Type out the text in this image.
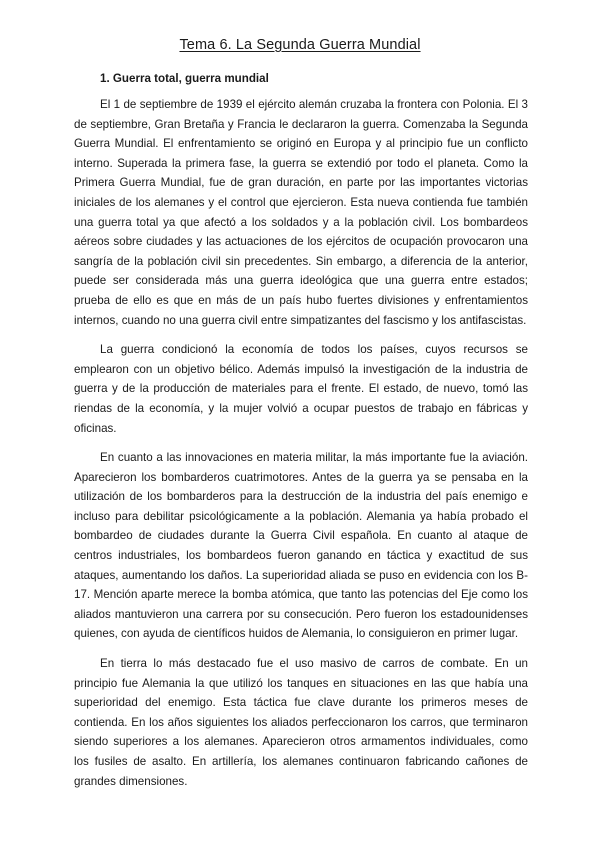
Tema 6. La Segunda Guerra Mundial
1. Guerra total, guerra mundial

El 1 de septiembre de 1939 el ejército alemán cruzaba la frontera con Polonia. El 3 de septiembre, Gran Bretaña y Francia le declararon la guerra. Comenzaba la Segunda Guerra Mundial. El enfrentamiento se originó en Europa y al principio fue un conflicto interno. Superada la primera fase, la guerra se extendió por todo el planeta. Como la Primera Guerra Mundial, fue de gran duración, en parte por las importantes victorias iniciales de los alemanes y el control que ejercieron. Esta nueva contienda fue también una guerra total ya que afectó a los soldados y a la población civil. Los bombardeos aéreos sobre ciudades y las actuaciones de los ejércitos de ocupación provocaron una sangría de la población civil sin precedentes. Sin embargo, a diferencia de la anterior, puede ser considerada más una guerra ideológica que una guerra entre estados; prueba de ello es que en más de un país hubo fuertes divisiones y enfrentamientos internos, cuando no una guerra civil entre simpatizantes del fascismo y los antifascistas.

La guerra condicionó la economía de todos los países, cuyos recursos se emplearon con un objetivo bélico. Además impulsó la investigación de la industria de guerra y de la producción de materiales para el frente. El estado, de nuevo, tomó las riendas de la economía, y la mujer volvió a ocupar puestos de trabajo en fábricas y oficinas.

En cuanto a las innovaciones en materia militar, la más importante fue la aviación. Aparecieron los bombarderos cuatrimotores. Antes de la guerra ya se pensaba en la utilización de los bombarderos para la destrucción de la industria del país enemigo e incluso para debilitar psicológicamente a la población. Alemania ya había probado el bombardeo de ciudades durante la Guerra Civil española. En cuanto al ataque de centros industriales, los bombardeos fueron ganando en táctica y exactitud de sus ataques, aumentando los daños. La superioridad aliada se puso en evidencia con los B-17. Mención aparte merece la bomba atómica, que tanto las potencias del Eje como los aliados mantuvieron una carrera por su consecución. Pero fueron los estadounidenses quienes, con ayuda de científicos huidos de Alemania, lo consiguieron en primer lugar.

En tierra lo más destacado fue el uso masivo de carros de combate. En un principio fue Alemania la que utilizó los tanques en situaciones en las que había una superioridad del enemigo. Esta táctica fue clave durante los primeros meses de contienda. En los años siguientes los aliados perfeccionaron los carros, que terminaron siendo superiores a los alemanes. Aparecieron otros armamentos individuales, como los fusiles de asalto. En artillería, los alemanes continuaron fabricando cañones de grandes dimensiones.
